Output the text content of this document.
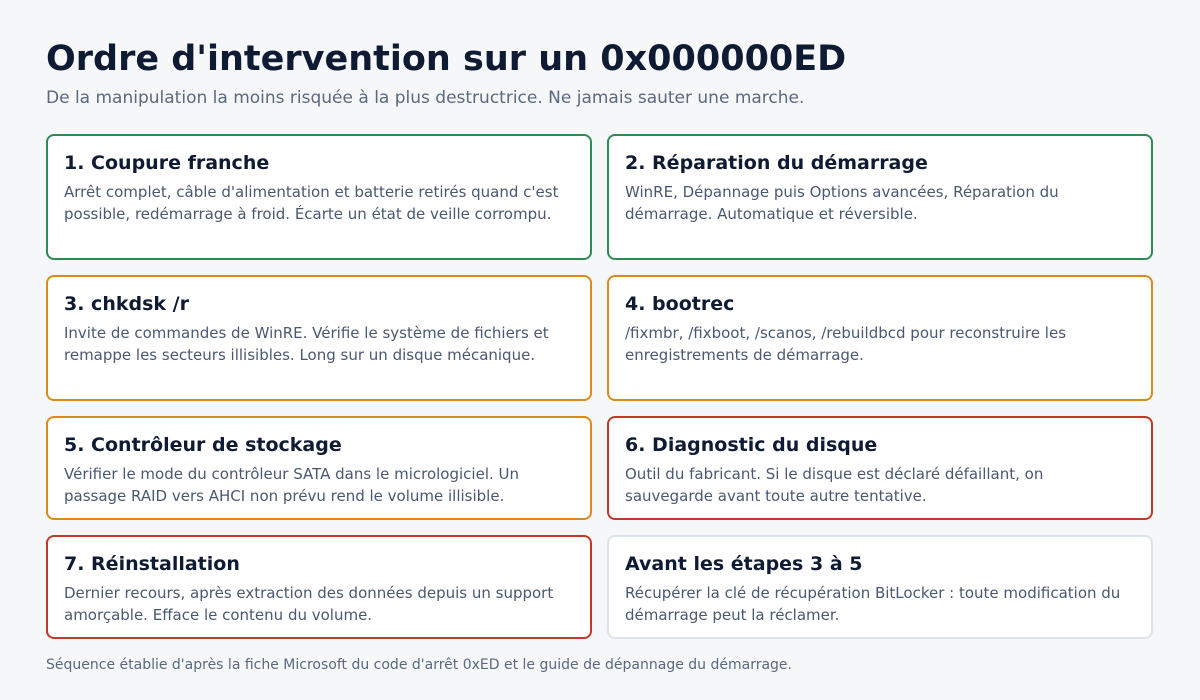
Ordre d'intervention sur un 0x000000ED

De la manipulation la moins risquée à la plus destructrice. Ne jamais sauter une marche.

1. Coupure franche

Arrêt complet, câble d'alimentation et batterie retirés quand c'est possible, redémarrage à froid. Écarte un état de veille corrompu.

2. Réparation du démarrage

WinRE, Dépannage puis Options avancées, Réparation du démarrage. Automatique et réversible.

3. chkdsk /r

Invite de commandes de WinRE. Vérifie le système de fichiers et remappe les secteurs illisibles. Long sur un disque mécanique.

4. bootrec

/fixmbr, /fixboot, /scanos, /rebuildbcd pour reconstruire les enregistrements de démarrage.

5. Contrôleur de stockage

Vérifier le mode du contrôleur SATA dans le micrologiciel. Un passage RAID vers AHCI non prévu rend le volume illisible.

6. Diagnostic du disque

Outil du fabricant. Si le disque est déclaré défaillant, on sauvegarde avant toute autre tentative.

7. Réinstallation

Dernier recours, après extraction des données depuis un support amorçable. Efface le contenu du volume.

Avant les étapes 3 à 5

Récupérer la clé de récupération BitLocker : toute modification du démarrage peut la réclamer.

Séquence établie d'après la fiche Microsoft du code d'arrêt 0xED et le guide de dépannage du démarrage.
